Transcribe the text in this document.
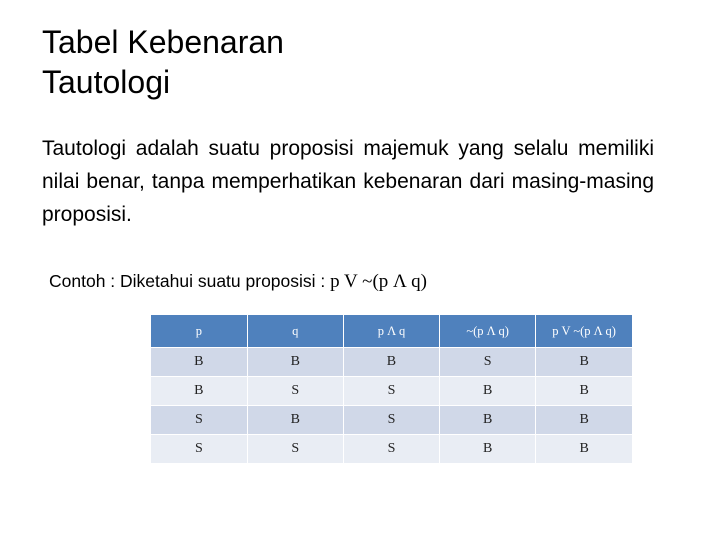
Tabel Kebenaran
Tautologi
Tautologi adalah suatu proposisi majemuk yang selalu memiliki nilai benar, tanpa memperhatikan kebenaran dari masing-masing proposisi.
Contoh : Diketahui suatu proposisi : p V ~(p Λ q)
p	q	p Λ q	~(p Λ q)	p V ~(p Λ q)
B	B	B	S	B
B	S	S	B	B
S	B	S	B	B
S	S	S	B	B
